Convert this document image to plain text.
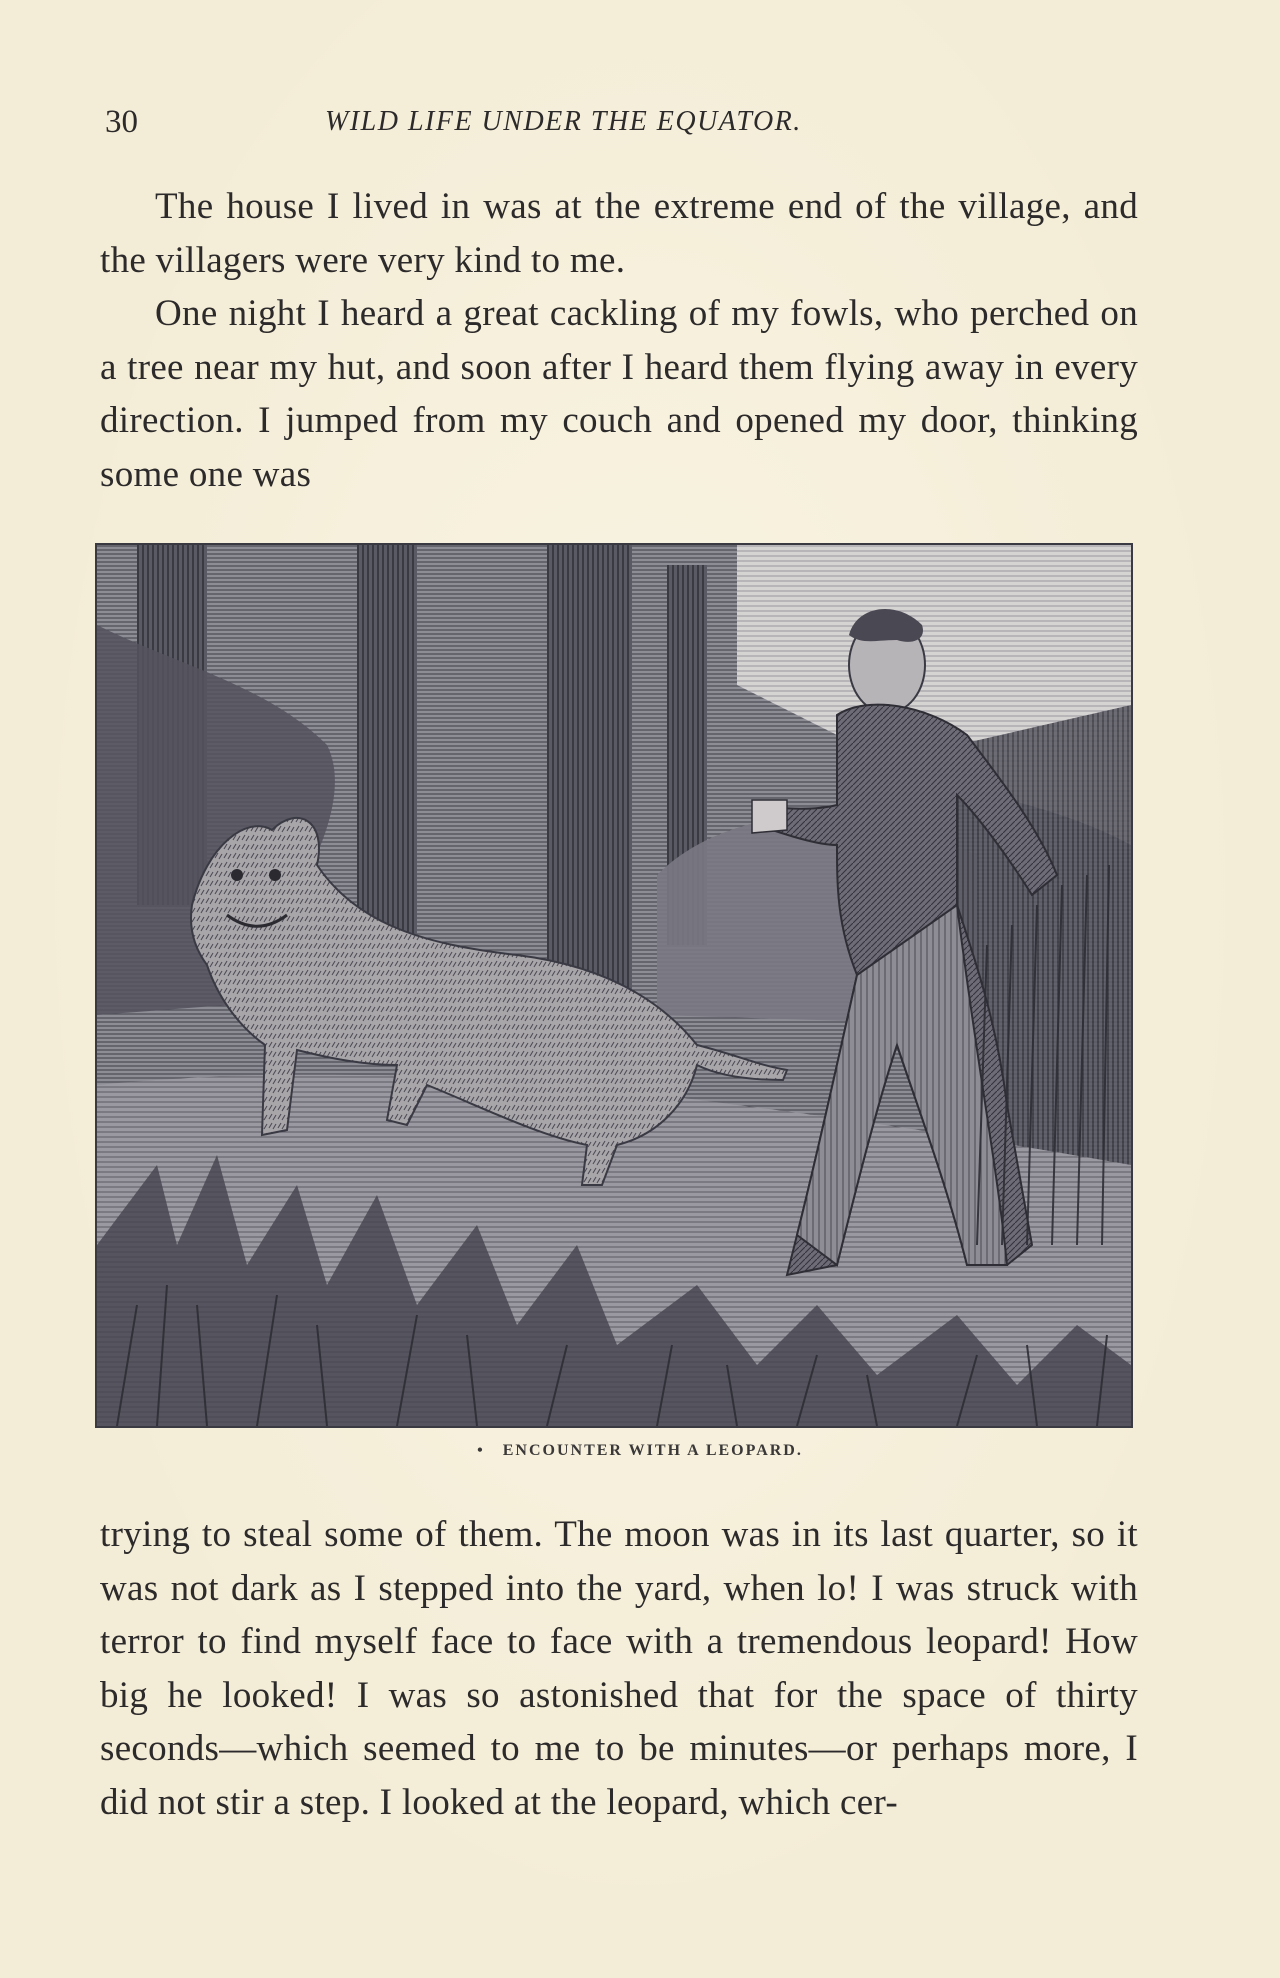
30	WILD LIFE UNDER THE EQUATOR.

The house I lived in was at the extreme end of the village, and the villagers were very kind to me.

One night I heard a great cackling of my fowls, who perched on a tree near my hut, and soon after I heard them flying away in every direction. I jumped from my couch and opened my door, thinking some one was

• ENCOUNTER WITH A LEOPARD.

trying to steal some of them. The moon was in its last quarter, so it was not dark as I stepped into the yard, when lo! I was struck with terror to find myself face to face with a tremendous leopard! How big he looked! I was so astonished that for the space of thirty seconds—which seemed to me to be minutes—or perhaps more, I did not stir a step. I looked at the leopard, which cer-
